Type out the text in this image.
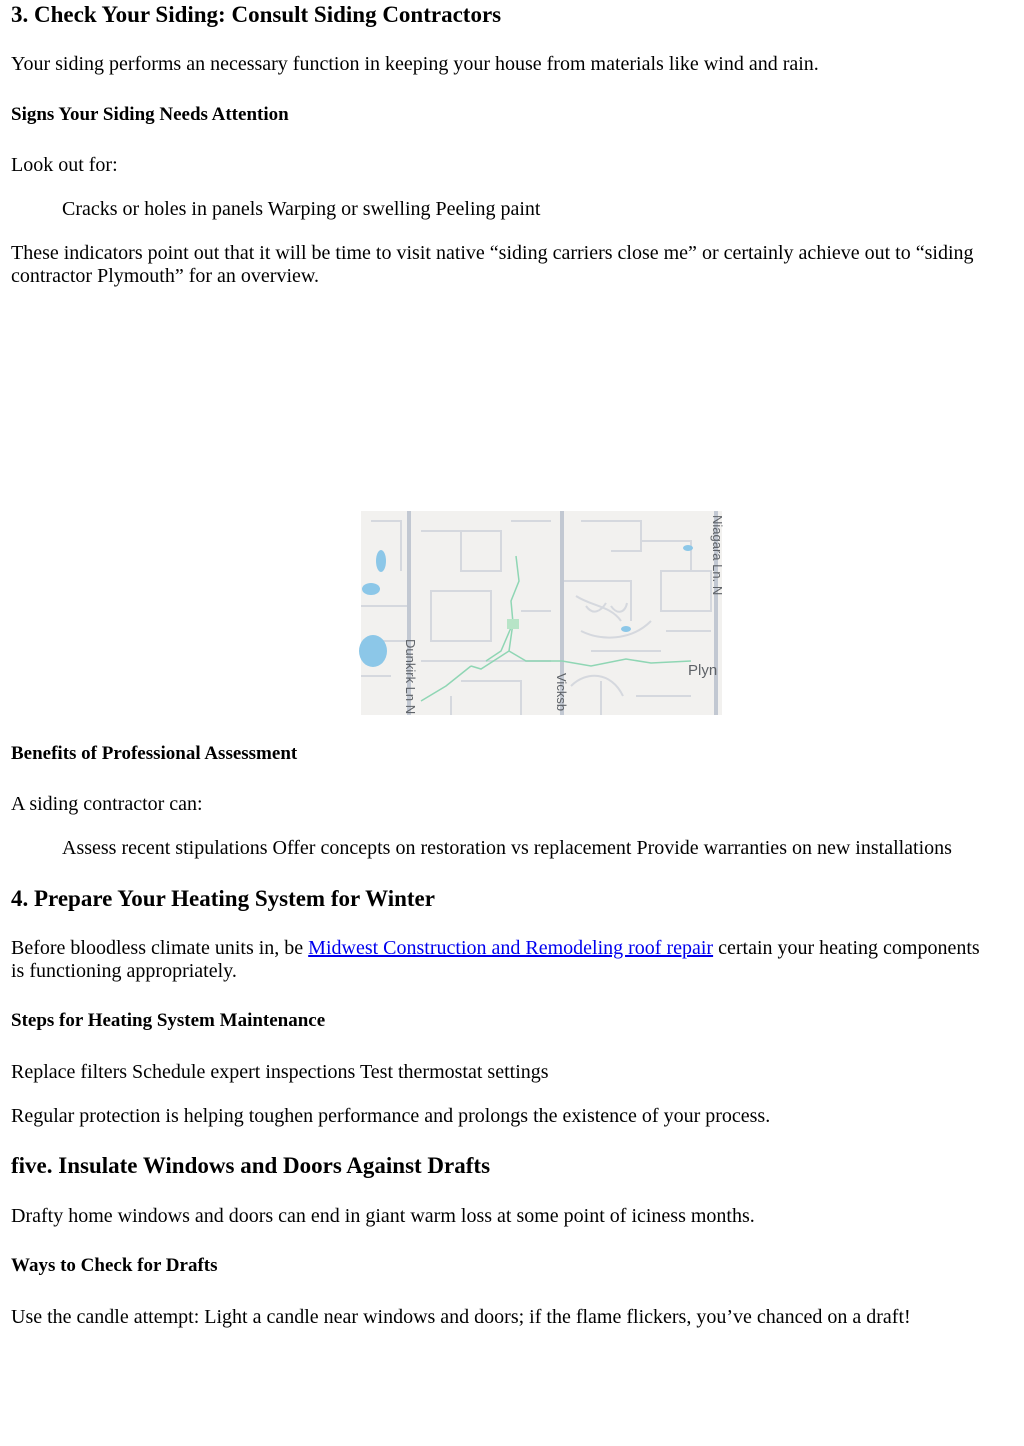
3. Check Your Siding: Consult Siding Contractors

Your siding performs an necessary function in keeping your house from materials like wind and rain.

Signs Your Siding Needs Attention

Look out for:

Cracks or holes in panels Warping or swelling Peeling paint

These indicators point out that it will be time to visit native “siding carriers close me” or certainly achieve out to “siding

contractor Plymouth” for an overview.

Benefits of Professional Assessment

A siding contractor can:

Assess recent stipulations Offer concepts on restoration vs replacement Provide warranties on new installations

4. Prepare Your Heating System for Winter

Before bloodless climate units in, be Midwest Construction and Remodeling roof repair certain your heating components

is functioning appropriately.

Steps for Heating System Maintenance

Replace filters Schedule expert inspections Test thermostat settings

Regular protection is helping toughen performance and prolongs the existence of your process.

five. Insulate Windows and Doors Against Drafts

Drafty home windows and doors can end in giant warm loss at some point of iciness months.

Ways to Check for Drafts

Use the candle attempt: Light a candle near windows and doors; if the flame flickers, you’ve chanced on a draft!

Niagara Ln. N
Dunkirk Ln N	Vicksb
Plyn
